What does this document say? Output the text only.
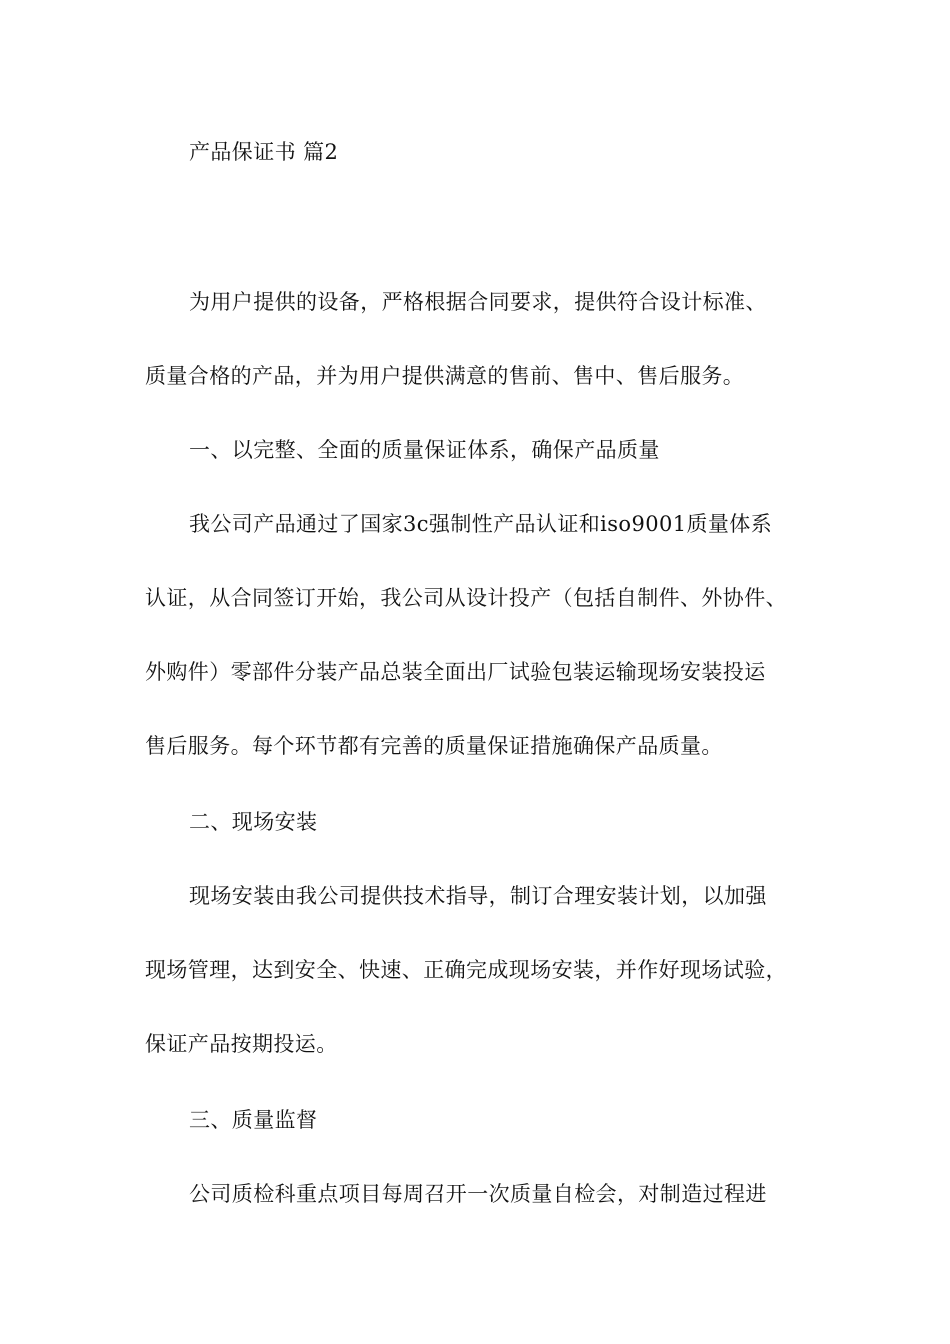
产品保证书 篇2
为用户提供的设备，严格根据合同要求，提供符合设计标准、
质量合格的产品，并为用户提供满意的售前、售中、售后服务。
一、以完整、全面的质量保证体系，确保产品质量
我公司产品通过了国家3c强制性产品认证和iso9001质量体系
认证，从合同签订开始，我公司从设计投产（包括自制件、外协件、
外购件）零部件分装产品总装全面出厂试验包装运输现场安装投运
售后服务。每个环节都有完善的质量保证措施确保产品质量。
二、现场安装
现场安装由我公司提供技术指导，制订合理安装计划，以加强
现场管理，达到安全、快速、正确完成现场安装，并作好现场试验，
保证产品按期投运。
三、质量监督
公司质检科重点项目每周召开一次质量自检会，对制造过程进
